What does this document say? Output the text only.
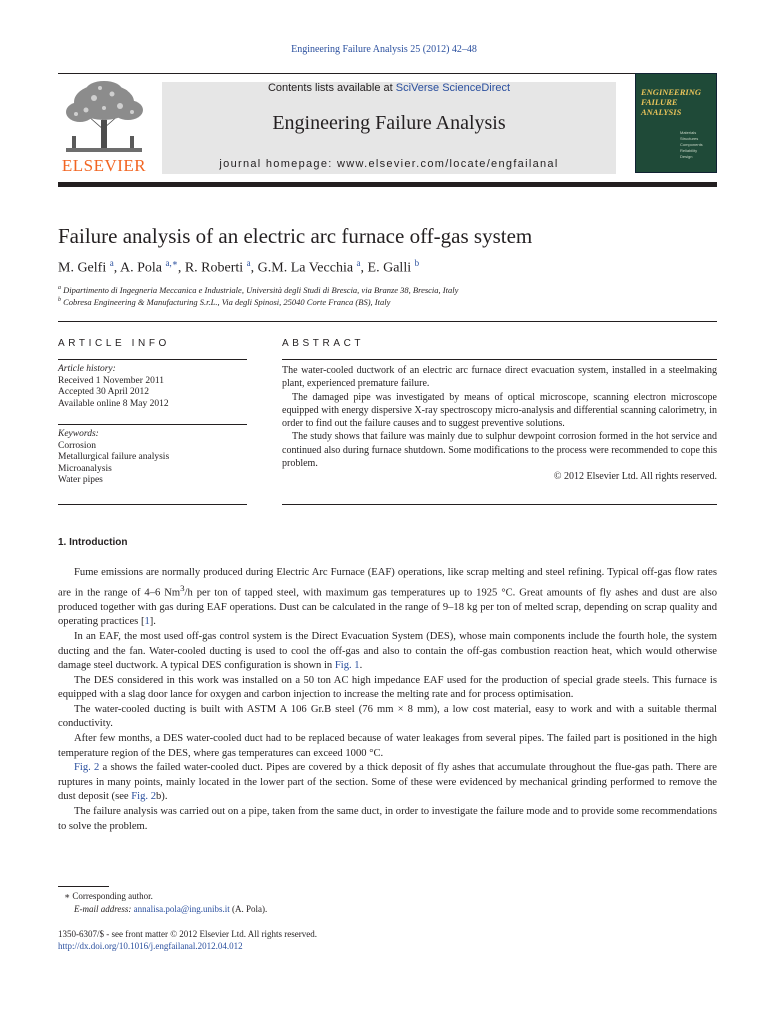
Engineering Failure Analysis 25 (2012) 42–48
ELSEVIER
Contents lists available at SciVerse ScienceDirect
Engineering Failure Analysis
journal homepage: www.elsevier.com/locate/engfailanal
ENGINEERING
FAILURE
ANALYSIS
Materials
Structures
Components
Reliability
Design
Failure analysis of an electric arc furnace off-gas system
M. Gelfi $^a$, A. Pola $^{a,∗}$, R. Roberti $^a$, G.M. La Vecchia $^a$, E. Galli $^b$
$^a$ Dipartimento di Ingegneria Meccanica e Industriale, Università degli Studi di Brescia, via Branze 38, Brescia, Italy
$^b$ Cobresa Engineering & Manufacturing S.r.L., Via degli Spinosi, 25040 Corte Franca (BS), Italy
ARTICLE INFO
Article history:
Received 1 November 2011
Accepted 30 April 2012
Available online 8 May 2012
Keywords:
Corrosion
Metallurgical failure analysis
Microanalysis
Water pipes
ABSTRACT

The water-cooled ductwork of an electric arc furnace direct evacuation system, installed in a steelmaking plant, experienced premature failure.

The damaged pipe was investigated by means of optical microscope, scanning electron microscope equipped with energy dispersive X-ray spectroscopy micro-analysis and differential scanning calorimetry, in order to find out the failure causes and to suggest preventive solutions.

The study shows that failure was mainly due to sulphur dewpoint corrosion formed in the hot service and continued also during furnace shutdown. Some modifications to the process were recommended to cope this problem.

© 2012 Elsevier Ltd. All rights reserved.
1. Introduction

Fume emissions are normally produced during Electric Arc Furnace (EAF) operations, like scrap melting and steel refining. Typical off-gas flow rates are in the range of 4–6 Nm$^3$/h per ton of tapped steel, with maximum gas temperatures up to 1925 °C. Great amounts of fly ashes and dust are also produced together with gas during EAF operations. Dust can be calculated in the range of 9–18 kg per ton of melted scrap, depending on scrap quality and operating practices [1].

In an EAF, the most used off-gas control system is the Direct Evacuation System (DES), whose main components include the fourth hole, the system ducting and the fan. Water-cooled ducting is used to cool the off-gas and also to contain the off-gas combustion reaction heat, which would otherwise damage steel ductwork. A typical DES configuration is shown in Fig. 1.

The DES considered in this work was installed on a 50 ton AC high impedance EAF used for the production of special grade steels. This furnace is equipped with a slag door lance for oxygen and carbon injection to increase the melting rate and for process optimisation.

The water-cooled ducting is built with ASTM A 106 Gr.B steel (76 mm × 8 mm), a low cost material, easy to work and with a suitable thermal conductivity.

After few months, a DES water-cooled duct had to be replaced because of water leakages from several pipes. The failed part is positioned in the high temperature region of the DES, where gas temperatures can exceed 1000 °C.

Fig. 2 a shows the failed water-cooled duct. Pipes are covered by a thick deposit of fly ashes that accumulate throughout the flue-gas path. There are ruptures in many points, mainly located in the lower part of the section. Some of these were evidenced by mechanical grinding performed to remove the dust deposit (see Fig. 2b).

The failure analysis was carried out on a pipe, taken from the same duct, in order to investigate the failure mode and to provide some recommendations to solve the problem.

∗ Corresponding author.
E-mail address: annalisa.pola@ing.unibs.it (A. Pola).
1350-6307/$ - see front matter © 2012 Elsevier Ltd. All rights reserved.
http://dx.doi.org/10.1016/j.engfailanal.2012.04.012
